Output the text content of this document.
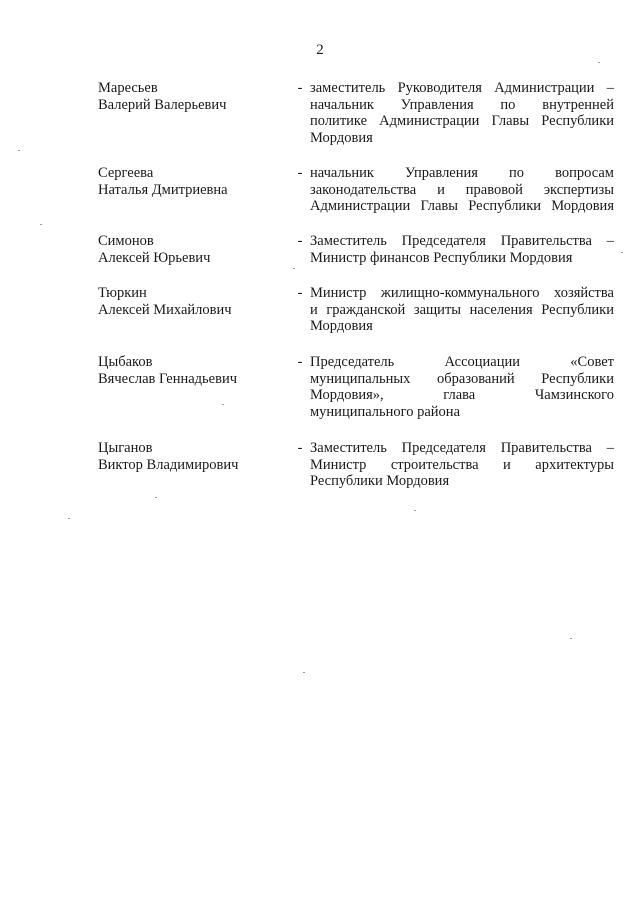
2
Маресьев
Валерий Валерьевич
- заместитель Руководителя Администрации –
начальник Управления по внутренней
политике Администрации Главы Республики
Мордовия
Сергеева
Наталья Дмитриевна
- начальник Управления по вопросам
законодательства и правовой экспертизы
Администрации Главы Республики Мордовия
Симонов
Алексей Юрьевич
- Заместитель Председателя Правительства –
Министр финансов Республики Мордовия
Тюркин
Алексей Михайлович
- Министр жилищно-коммунального хозяйства
и гражданской защиты населения Республики
Мордовия
Цыбаков
Вячеслав Геннадьевич
- Председатель Ассоциации «Совет
муниципальных образований Республики
Мордовия», глава Чамзинского
муниципального района
Цыганов
Виктор Владимирович
- Заместитель Председателя Правительства –
Министр строительства и архитектуры
Республики Мордовия
